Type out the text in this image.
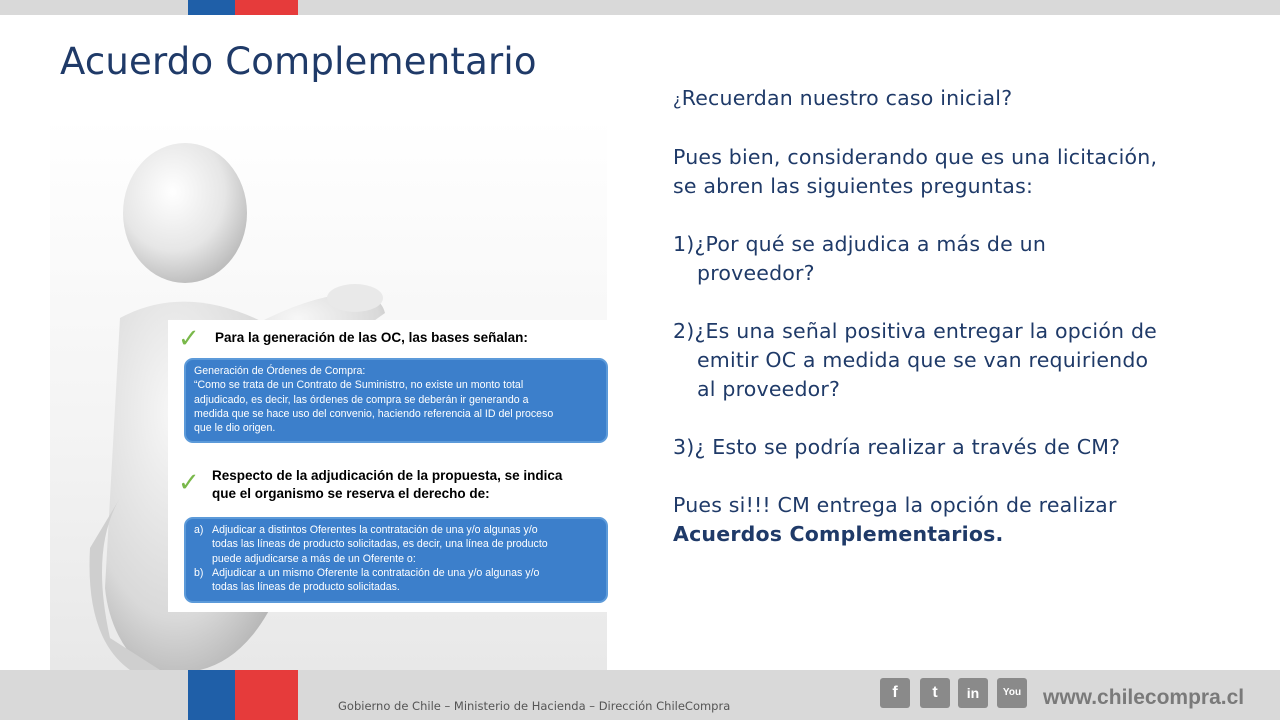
Acuerdo Complementario
✓ Para la generación de las OC, las bases señalan:
Generación de Órdenes de Compra:
“Como se trata de un Contrato de Suministro, no existe un monto total
adjudicado, es decir, las órdenes de compra se deberán ir generando a
medida que se hace uso del convenio, haciendo referencia al ID del proceso
que le dio origen.
✓ Respecto de la adjudicación de la propuesta, se indica
que el organismo se reserva el derecho de:
a) Adjudicar a distintos Oferentes la contratación de una y/o algunas y/o
todas las líneas de producto solicitadas, es decir, una línea de producto
puede adjudicarse a más de un Oferente o:
b) Adjudicar a un mismo Oferente la contratación de una y/o algunas y/o
todas las líneas de producto solicitadas.

¿Recuerdan nuestro caso inicial?

Pues bien, considerando que es una licitación,

se abren las siguientes preguntas:

1)¿Por qué se adjudica a más de un

proveedor?

2)¿Es una señal positiva entregar la opción de

emitir OC a medida que se van requiriendo

al proveedor?

3)¿ Esto se podría realizar a través de CM?

Pues si!!! CM entrega la opción de realizar

Acuerdos Complementarios.

Gobierno de Chile – Ministerio de Hacienda – Dirección ChileCompra
f	t	in	You www.chilecompra.cl
